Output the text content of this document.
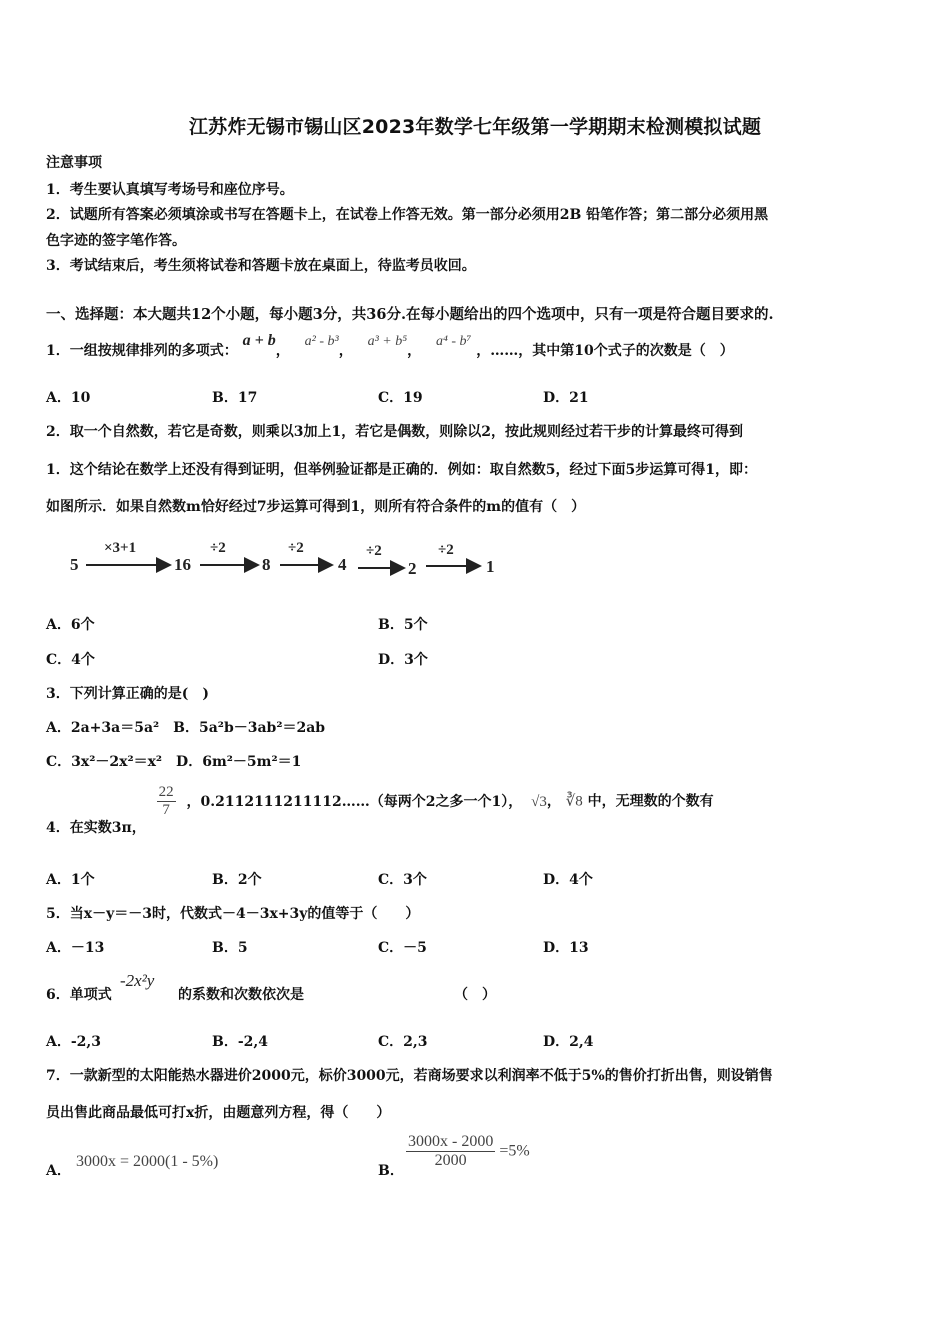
江苏炸无锡市锡山区2023年数学七年级第一学期期末检测模拟试题
注意事项
1．考生要认真填写考场号和座位序号。
2．试题所有答案必须填涂或书写在答题卡上，在试卷上作答无效。第一部分必须用2B 铅笔作答；第二部分必须用黑
色字迹的签字笔作答。
3．考试结束后，考生须将试卷和答题卡放在桌面上，待监考员收回。
一、选择题：本大题共12个小题，每小题3分，共36分.在每小题给出的四个选项中，只有一项是符合题目要求的.
1．一组按规律排列的多项式： a + b， a² - b³， a³ + b⁵， a⁴ - b⁷ ，……，其中第10个式子的次数是（　）
A．10	B．17	C．19	D．21
2．取一个自然数，若它是奇数，则乘以3加上1，若它是偶数，则除以2，按此规则经过若干步的计算最终可得到
1．这个结论在数学上还没有得到证明，但举例验证都是正确的．例如：取自然数5，经过下面5步运算可得1，即：
如图所示．如果自然数m恰好经过7步运算可得到1，则所有符合条件的m的值有（　）
5
×3+1
16
÷2
8
÷2
4
÷2
2
÷2
1
A．6个	B．5个
C．4个	D．3个
3．下列计算正确的是(　)
A．2a+3a＝5a²　B．5a²b－3ab²＝2ab
C．3x²－2x²＝x²　D．6m²－5m²＝1
4．在实数3π，
$\frac{22}{7}$ ，0.2112111211112……（每两个2之多一个1）， √3， ∛8 中，无理数的个数有
A．1个	B．2个	C．3个	D．4个
5．当x－y＝－3时，代数式－4－3x+3y的值等于（　　）
A．－13	B．5	C．－5	D．13
6．单项式
-2x²y
的系数和次数依次是	（　）
A．-2,3	B．-2,4	C．2,3	D．2,4
7．一款新型的太阳能热水器进价2000元，标价3000元，若商场要求以利润率不低于5%的售价打折出售，则设销售
员出售此商品最低可打x折，由题意列方程，得（　　）
A．
3000x = 2000(1 - 5%)
B．
$\frac{3000x - 2000}{2000} =5\%$
